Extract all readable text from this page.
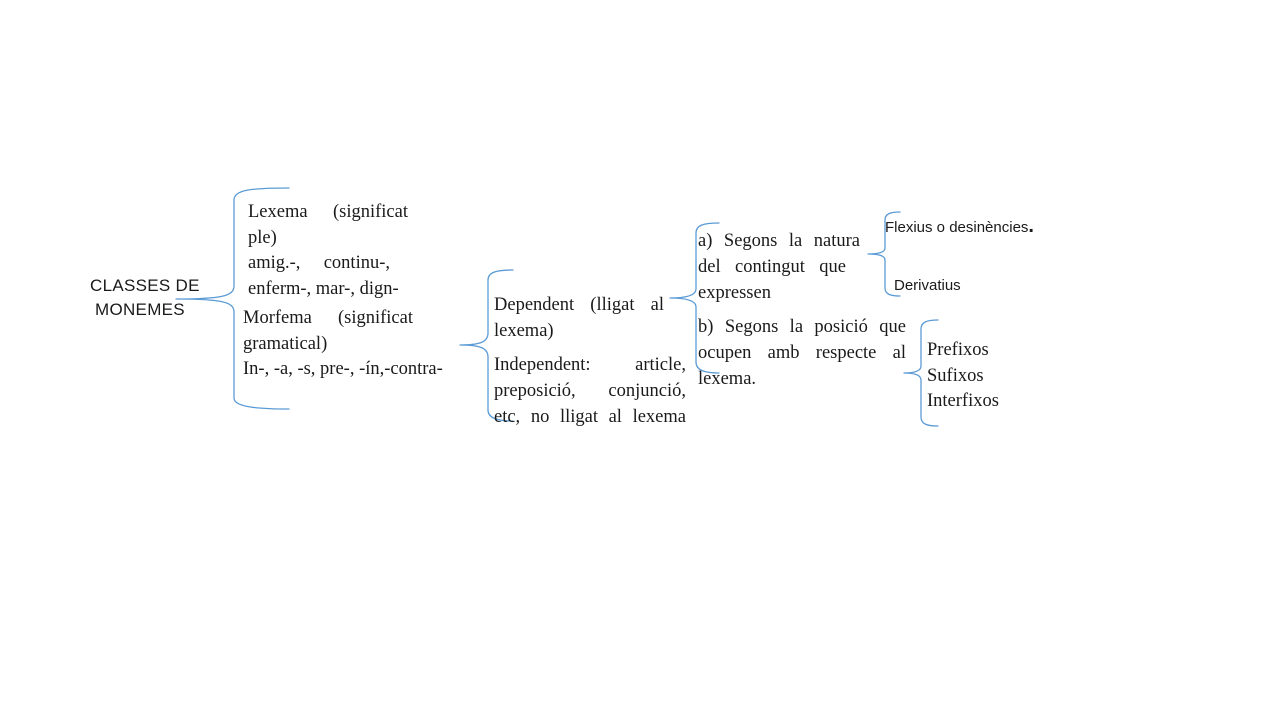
CLASSES DE

MONEMES

Lexema (significat

ple)

amig.-, continu-,

enferm-, mar-, dign-

Morfema (significat

gramatical)

In-, -a, -s, pre-, -ín,-contra-

Dependent (lligat al

lexema)

Independent: article,

preposició, conjunció,

etc, no lligat al lexema

a) Segons la natura

del contingut que

expressen

b) Segons la posició que

ocupen amb respecte al

lexema.

Flexius o desinències.
Derivatius

Prefixos

Sufixos

Interfixos
